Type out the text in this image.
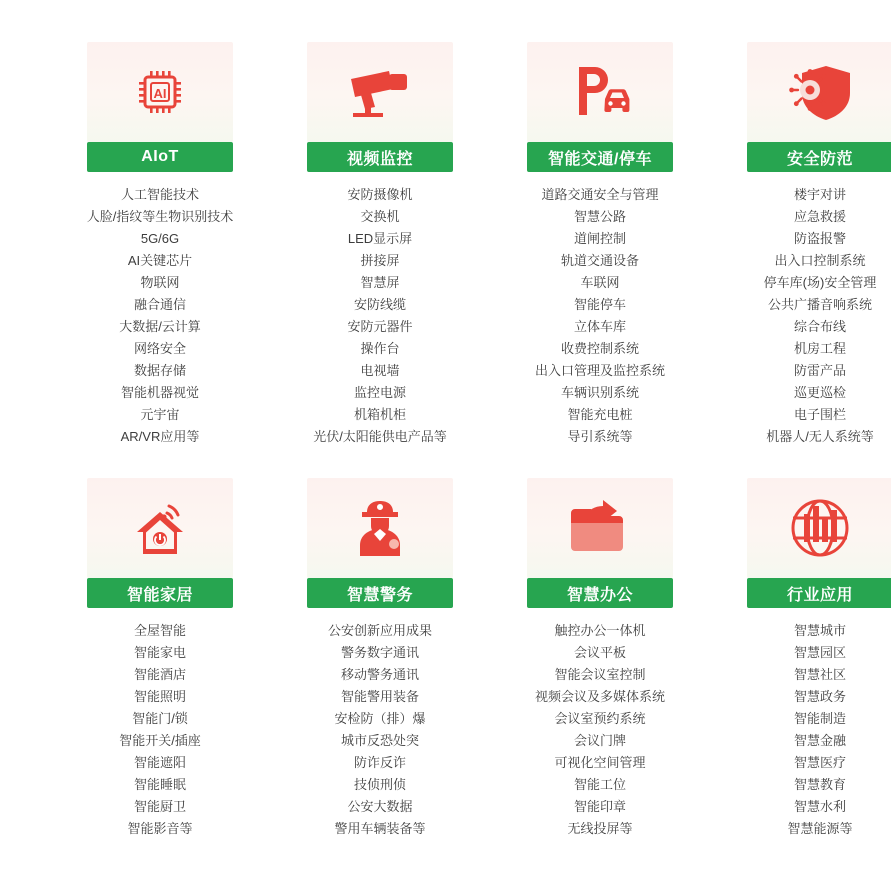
AI
AIoT
人工智能技术
人脸/指纹等生物识别技术
5G/6G
AI关键芯片
物联网
融合通信
大数据/云计算
网络安全
数据存储
智能机器视觉
元宇宙
AR/VR应用等
视频监控
安防摄像机
交换机
LED显示屏
拼接屏
智慧屏
安防线缆
安防元器件
操作台
电视墙
监控电源
机箱机柜
光伏/太阳能供电产品等
智能交通/停车
道路交通安全与管理
智慧公路
道闸控制
轨道交通设备
车联网
智能停车
立体车库
收费控制系统
出入口管理及监控系统
车辆识别系统
智能充电桩
导引系统等
安全防范
楼宇对讲
应急救援
防盗报警
出入口控制系统
停车库(场)安全管理
公共广播音响系统
综合布线
机房工程
防雷产品
巡更巡检
电子围栏
机器人/无人系统等
智能家居
全屋智能
智能家电
智能酒店
智能照明
智能门/锁
智能开关/插座
智能遮阳
智能睡眠
智能厨卫
智能影音等
智慧警务
公安创新应用成果
警务数字通讯
移动警务通讯
智能警用装备
安检防（排）爆
城市反恐处突
防诈反诈
技侦刑侦
公安大数据
警用车辆装备等
智慧办公
触控办公一体机
会议平板
智能会议室控制
视频会议及多媒体系统
会议室预约系统
会议门牌
可视化空间管理
智能工位
智能印章
无线投屏等
行业应用
智慧城市
智慧园区
智慧社区
智慧政务
智能制造
智慧金融
智慧医疗
智慧教育
智慧水利
智慧能源等
